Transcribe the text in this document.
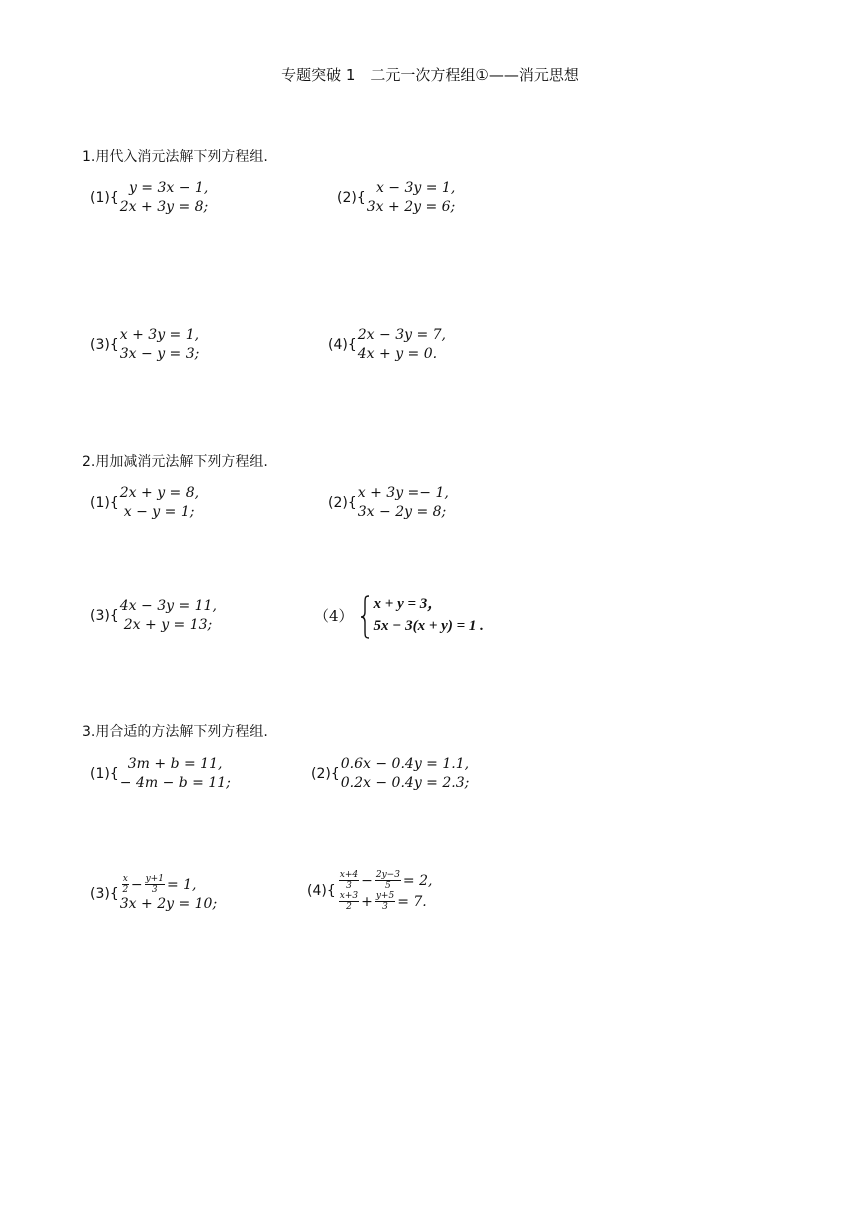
专题突破 1　二元一次方程组①——消元思想
1.用代入消元法解下列方程组.
(1) {
y = 3x − 1,
2x + 3y = 8;
(2) {
x − 3y = 1,
3x + 2y = 6;
(3) {
x + 3y = 1,
3x − y = 3;
(4) {
2x − 3y = 7,
4x + y = 0.
2.用加减消元法解下列方程组.
(1) {
2x + y = 8,
x − y = 1;
(2) {
x + 3y =− 1,
3x − 2y = 8;
(3) {
4x − 3y = 11,
2x + y = 13;
（4）
x + y = 3，
5x − 3(x + y) = 1 .
3.用合适的方法解下列方程组.
(1) {
3m + b = 11,
− 4m − b = 11;
(2) {
0.6x − 0.4y = 1.1,
0.2x − 0.4y = 2.3;
(3) { $\frac{x}{2} - \frac{y+1}{3} = 1$,
3x + 2y = 10;
(4) { $\frac{x+4}{3} - \frac{2y-3}{5} = 2$,
$\frac{x+3}{2} + \frac{y+5}{3} = 7$.
